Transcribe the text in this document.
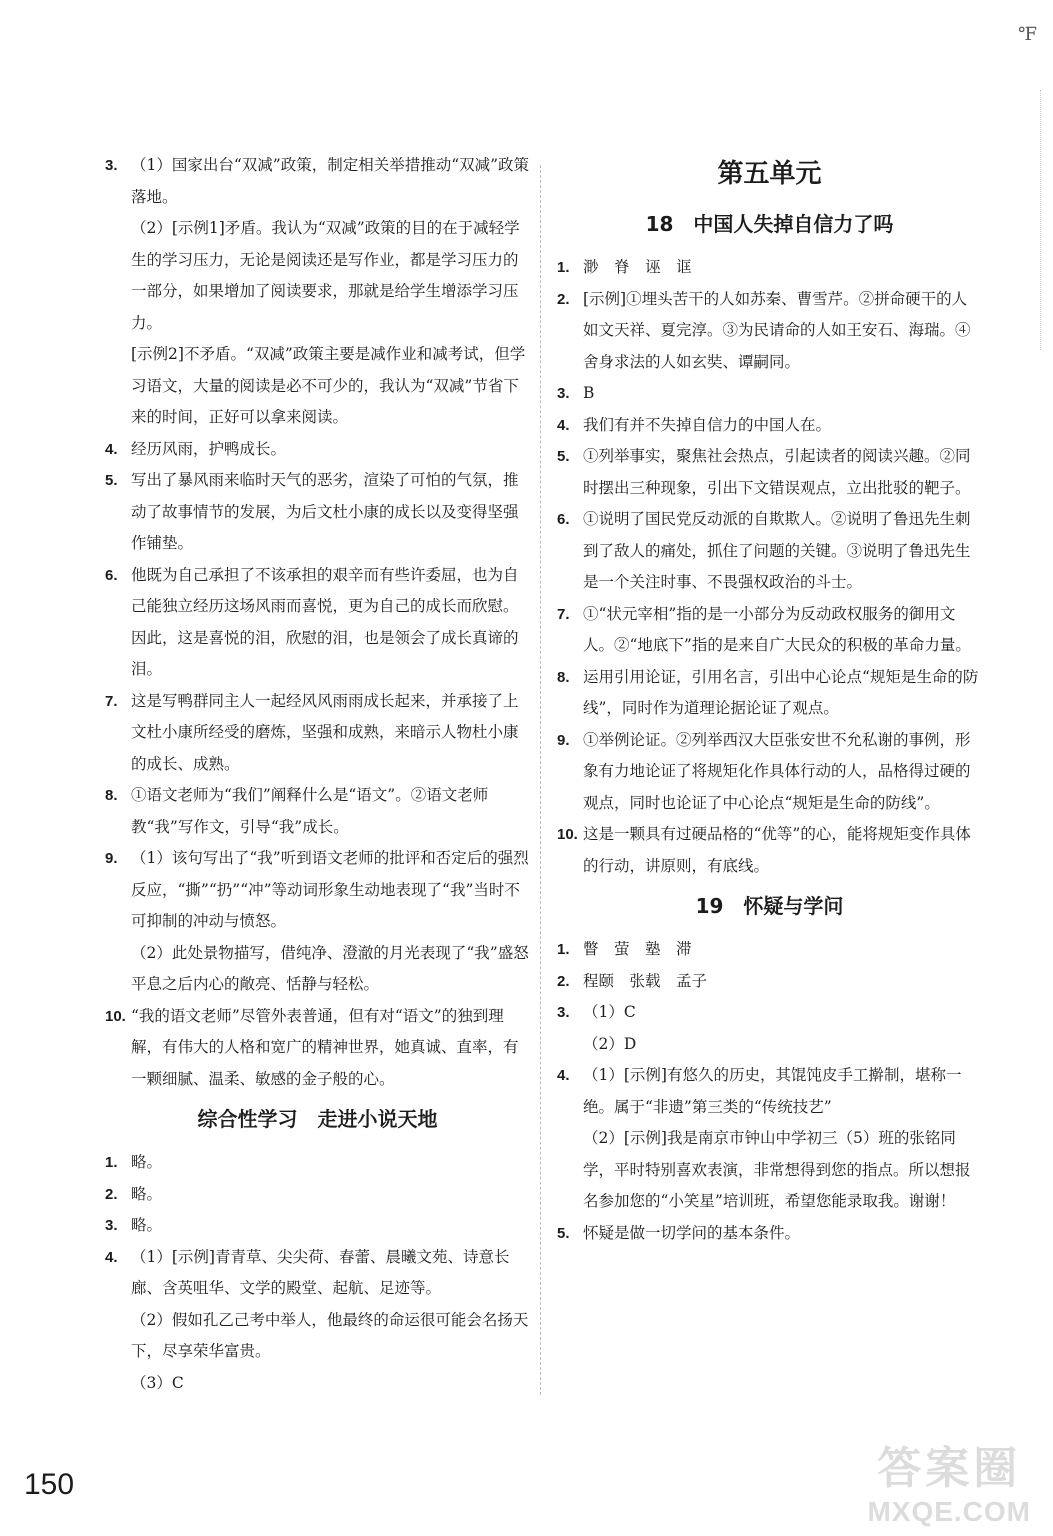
℉
3. （1）国家出台“双减”政策，制定相关举措推动“双减”政策落地。
（2）[示例1]矛盾。我认为“双减”政策的目的在于减轻学生的学习压力，无论是阅读还是写作业，都是学习压力的一部分，如果增加了阅读要求，那就是给学生增添学习压力。
[示例2]不矛盾。“双减”政策主要是减作业和减考试，但学习语文，大量的阅读是必不可少的，我认为“双减”节省下来的时间，正好可以拿来阅读。
4. 经历风雨，护鸭成长。
5. 写出了暴风雨来临时天气的恶劣，渲染了可怕的气氛，推动了故事情节的发展，为后文杜小康的成长以及变得坚强作铺垫。
6. 他既为自己承担了不该承担的艰辛而有些许委屈，也为自己能独立经历这场风雨而喜悦，更为自己的成长而欣慰。因此，这是喜悦的泪，欣慰的泪，也是领会了成长真谛的泪。
7. 这是写鸭群同主人一起经风风雨雨成长起来，并承接了上文杜小康所经受的磨炼，坚强和成熟，来暗示人物杜小康的成长、成熟。
8. ①语文老师为“我们”阐释什么是“语文”。②语文老师教“我”写作文，引导“我”成长。
9. （1）该句写出了“我”听到语文老师的批评和否定后的强烈反应，“撕”“扔”“冲”等动词形象生动地表现了“我”当时不可抑制的冲动与愤怒。
（2）此处景物描写，借纯净、澄澈的月光表现了“我”盛怒平息之后内心的敞亮、恬静与轻松。
10. “我的语文老师”尽管外表普通，但有对“语文”的独到理解，有伟大的人格和宽广的精神世界，她真诚、直率，有一颗细腻、温柔、敏感的金子般的心。
综合性学习　走进小说天地
1. 略。
2. 略。
3. 略。
4. （1）[示例]青青草、尖尖荷、春蕾、晨曦文苑、诗意长廊、含英咀华、文学的殿堂、起航、足迹等。
（2）假如孔乙己考中举人，他最终的命运很可能会名扬天下，尽享荣华富贵。
（3）C
第五单元
18　中国人失掉自信力了吗
1. 渺　脊　诬　诓
2. [示例]①埋头苦干的人如苏秦、曹雪芹。②拼命硬干的人如文天祥、夏完淳。③为民请命的人如王安石、海瑞。④舍身求法的人如玄奘、谭嗣同。
3. B
4. 我们有并不失掉自信力的中国人在。
5. ①列举事实，聚焦社会热点，引起读者的阅读兴趣。②同时摆出三种现象，引出下文错误观点，立出批驳的靶子。
6. ①说明了国民党反动派的自欺欺人。②说明了鲁迅先生刺到了敌人的痛处，抓住了问题的关键。③说明了鲁迅先生是一个关注时事、不畏强权政治的斗士。
7. ①“状元宰相”指的是一小部分为反动政权服务的御用文人。②“地底下”指的是来自广大民众的积极的革命力量。
8. 运用引用论证，引用名言，引出中心论点“规矩是生命的防线”，同时作为道理论据论证了观点。
9. ①举例论证。②列举西汉大臣张安世不允私谢的事例，形象有力地论证了将规矩化作具体行动的人，品格得过硬的观点，同时也论证了中心论点“规矩是生命的防线”。
10. 这是一颗具有过硬品格的“优等”的心，能将规矩变作具体的行动，讲原则，有底线。
19　怀疑与学问
1. 瞥　萤　塾　滞
2. 程颐　张载　孟子
3. （1）C
（2）D
4. （1）[示例]有悠久的历史，其馄饨皮手工擀制，堪称一绝。属于“非遗”第三类的“传统技艺”
（2）[示例]我是南京市钟山中学初三（5）班的张铭同学，平时特别喜欢表演，非常想得到您的指点。所以想报名参加您的“小笑星”培训班，希望您能录取我。谢谢！
5. 怀疑是做一切学问的基本条件。
150	答案圈
MXQE.COM
